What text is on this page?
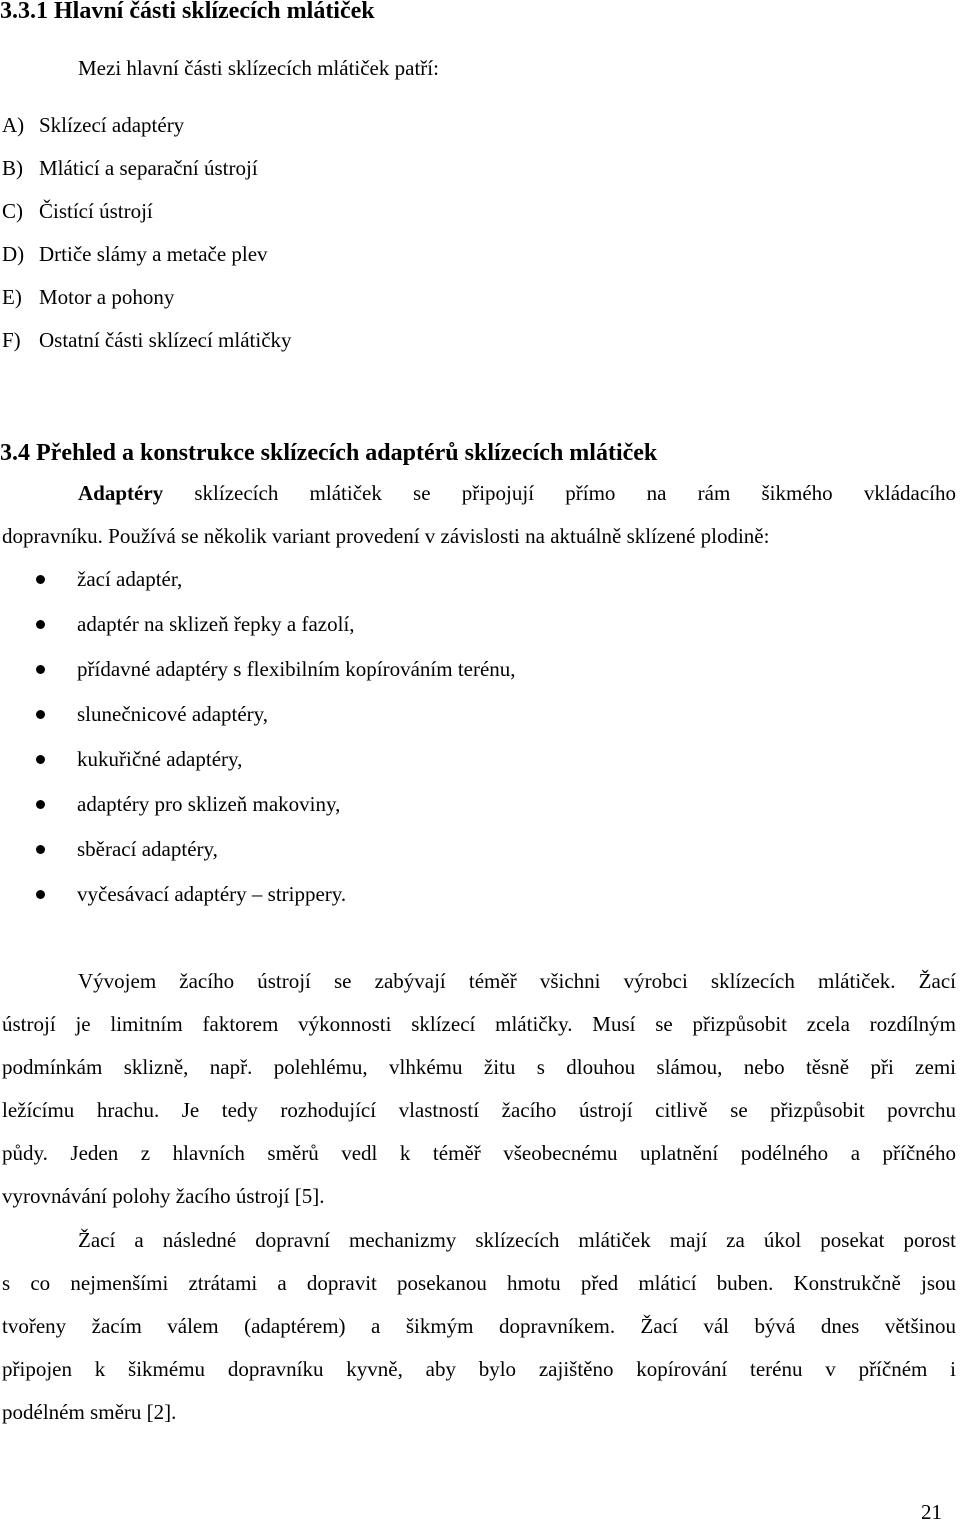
3.3.1 Hlavní části sklízecích mlátiček
Mezi hlavní části sklízecích mlátiček patří:
A) Sklízecí adaptéry
B) Mláticí a separační ústrojí
C) Čistící ústrojí
D) Drtiče slámy a metače plev
E) Motor a pohony
F) Ostatní části sklízecí mlátičky
3.4 Přehled a konstrukce sklízecích adaptérů sklízecích mlátiček
Adaptéry sklízecích mlátiček se připojují přímo na rám šikmého vkládacího
dopravníku. Používá se několik variant provedení v závislosti na aktuálně sklízené plodině:
žací adaptér,
adaptér na sklizeň řepky a fazolí,
přídavné adaptéry s flexibilním kopírováním terénu,
slunečnicové adaptéry,
kukuřičné adaptéry,
adaptéry pro sklizeň makoviny,
sběrací adaptéry,
vyčesávací adaptéry – strippery.
Vývojem žacího ústrojí se zabývají téměř všichni výrobci sklízecích mlátiček. Žací
ústrojí je limitním faktorem výkonnosti sklízecí mlátičky. Musí se přizpůsobit zcela rozdílným
podmínkám sklizně, např. polehlému, vlhkému žitu s dlouhou slámou, nebo těsně při zemi
ležícímu hrachu. Je tedy rozhodující vlastností žacího ústrojí citlivě se přizpůsobit povrchu
půdy. Jeden z hlavních směrů vedl k téměř všeobecnému uplatnění podélného a příčného
vyrovnávání polohy žacího ústrojí [5].
Žací a následné dopravní mechanizmy sklízecích mlátiček mají za úkol posekat porost
s co nejmenšími ztrátami a dopravit posekanou hmotu před mláticí buben. Konstrukčně jsou
tvořeny žacím válem (adaptérem) a šikmým dopravníkem. Žací vál bývá dnes většinou
připojen k šikmému dopravníku kyvně, aby bylo zajištěno kopírování terénu v příčném i
podélném směru [2].
21
